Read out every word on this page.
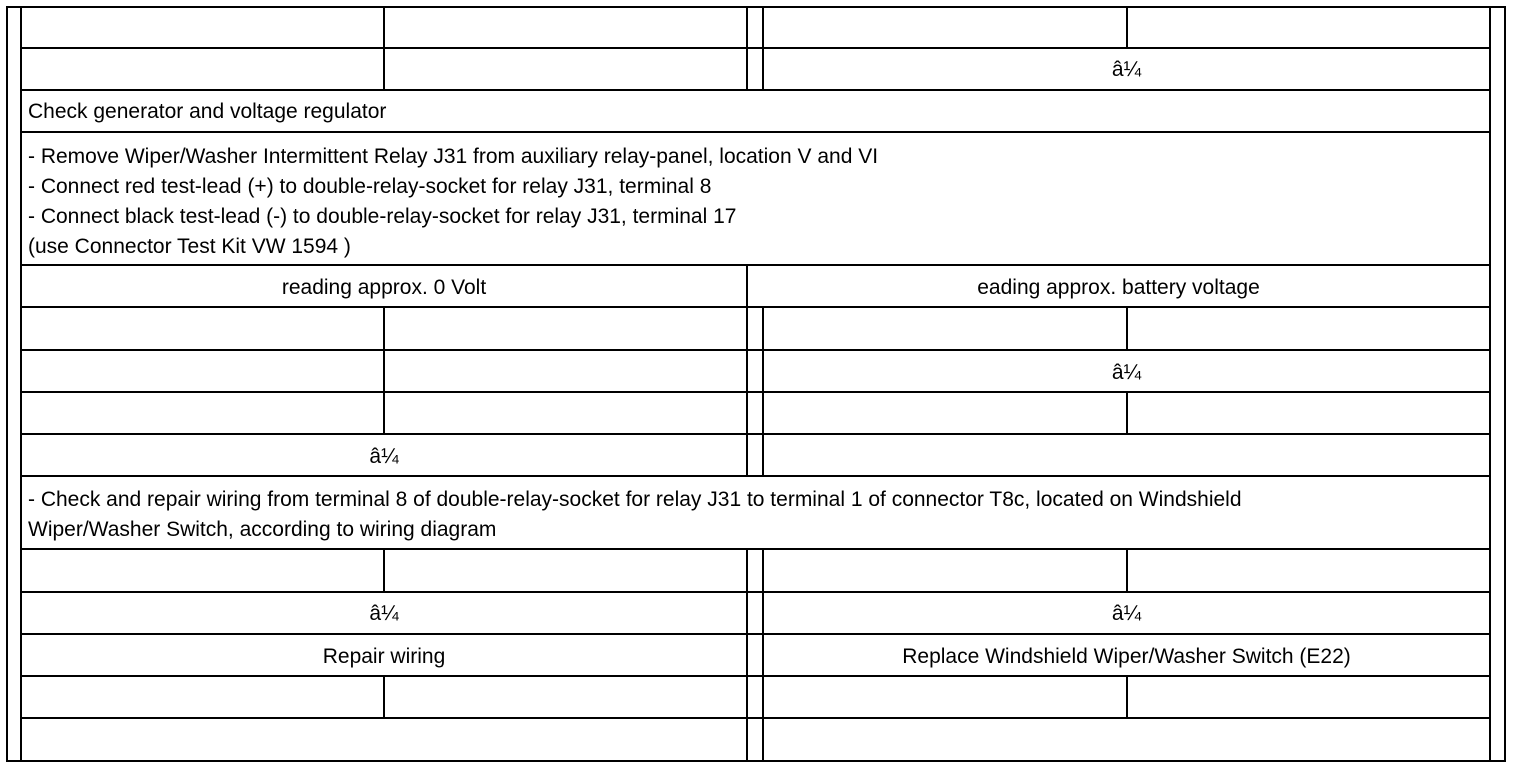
â¼
Check generator and voltage regulator
- Remove Wiper/Washer Intermittent Relay J31 from auxiliary relay-panel, location V and VI
- Connect red test-lead (+) to double-relay-socket for relay J31, terminal 8
- Connect black test-lead (-) to double-relay-socket for relay J31, terminal 17
(use Connector Test Kit VW 1594 )
reading approx. 0 Volt	eading approx. battery voltage
â¼
â¼
- Check and repair wiring from terminal 8 of double-relay-socket for relay J31 to terminal 1 of connector T8c, located on Windshield
Wiper/Washer Switch, according to wiring diagram
â¼	â¼
Repair wiring	Replace Windshield Wiper/Washer Switch (E22)
